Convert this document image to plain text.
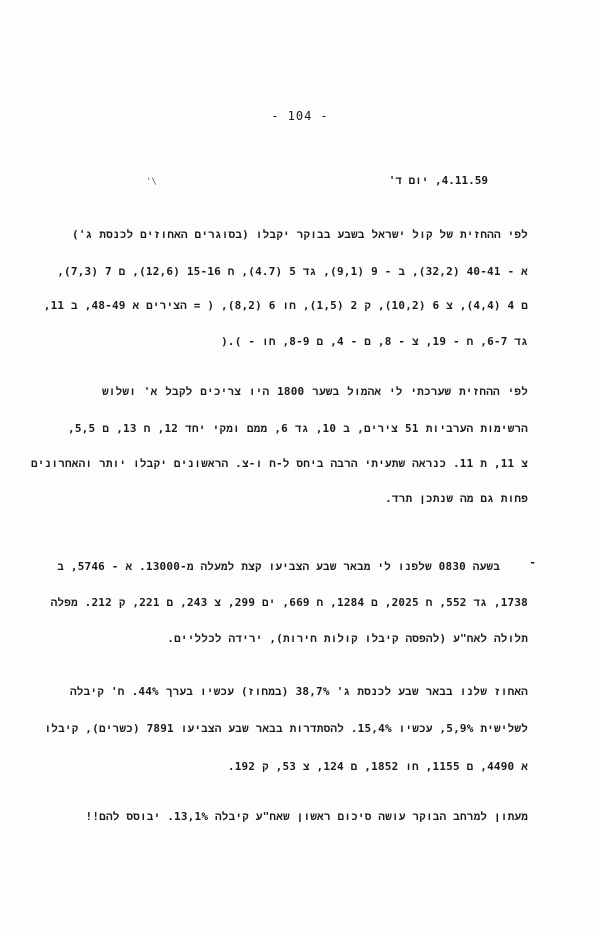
- 104 -
'\	4.11.59, יום ד'
לפי ההחזית של קול ישראל בשבע בבוקר יקבלו (בסוגרים האחוזים לכנסת ג')
א - 40-41 (32,2), ב - 9 (9,1), גד 5 (4.7), ח 15-16 (12,6), ם 7 (7,3),
ם 4 (4,4), צ 6 (10,2), ק 2 (1,5), חו 6 (8,2), ( = הצירים א 48-49, ב 11,
גד 6-7, ח - 19, צ - 8, ם - 4, ם 8-9, חו - ).(
לפי ההחזית שערכתי לי אהמול בשער 1800 היו צריכים לקבל א' ושלוש
הרשימות הערביות 51 צירים, ב 10, גד 6, ממם ומקי יחד 12, ח 13, ם 5,5,
צ 11, ת 11. כנראה שתעיתי הרבה ביחס ל-ח ו-צ. הראשונים יקבלו יותר והאחרונים
פחות גם מה שנתכן תרד.
-
בשעה 0830 שלפנו לי מבאר שבע הצביעו קצת למעלה מ-13000. א - 5746, ב
1738, גד 552, ח 2025, ם 1284, ח 669, ים 299, צ 243, ם 221, ק 212. מפלה
תלולה לאח"ע (להפסה קיבלו קולות חירות), ירידה לכלליים.
האחוז שלנו בבאר שבע לכנסת ג' 38,7% (במחוז) עכשיו בערך 44%. ח' קיבלה
לשלישית 5,9%, עכשיו 15,4%. להסתדרות בבאר שבע הצביעו 7891 (כשרים), קיבלו
א 4490, ם 1155, חו 1852, ם 124, צ 53, ק 192.
מעתון למרחב הבוקר עושה סיכום ראשון שאח"ע קיבלה 13,1%. יבוסס להם!!
